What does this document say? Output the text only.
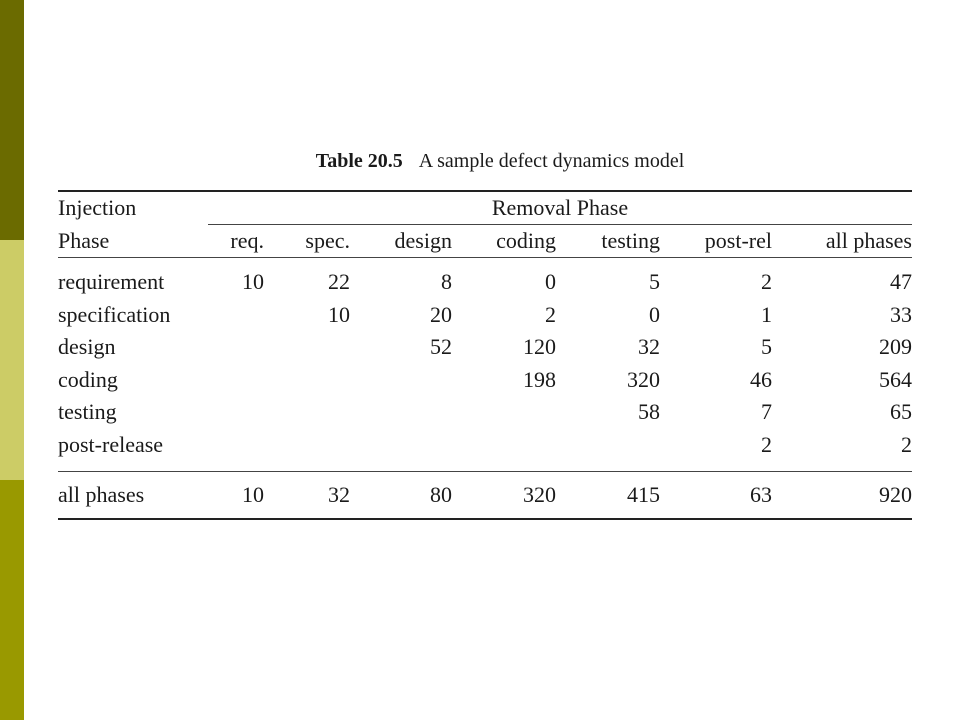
Table 20.5 A sample defect dynamics model
Injection	Removal Phase						

Phase	req.	spec.	design	coding	testing	post-rel	all phases

requirement	10	22	8	0	5	2	47
specification		10	20	2	0	1	33
design			52	120	32	5	209
coding				198	320	46	564
testing					58	7	65
post-release						2	2

all phases	10	32	80	320	415	63	920
